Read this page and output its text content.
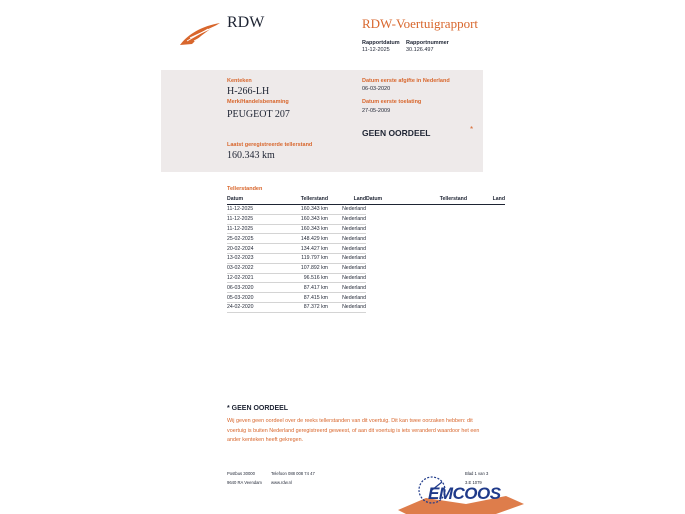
RDW	RDW-Voertuigrapport
Rapportdatum
11-12-2025
Rapportnummer
30.126.497
Kenteken
H-266-LH
Merk/Handelsbenaming
PEUGEOT 207
Laatst geregistreerde tellerstand
160.343 km
Datum eerste afgifte in Nederland
06-03-2020
Datum eerste toelating
27-05-2009
GEEN OORDEEL	*
Tellerstanden
Datum	Tellerstand	Land
11-12-2025	160.343 km	Nederland
11-12-2025	160.343 km	Nederland
11-12-2025	160.343 km	Nederland
25-02-2025	148.429 km	Nederland
20-02-2024	134.427 km	Nederland
13-02-2023	119.797 km	Nederland
03-02-2022	107.892 km	Nederland
12-02-2021	96.516 km	Nederland
06-03-2020	87.417 km	Nederland
05-03-2020	87.415 km	Nederland
24-02-2020	87.372 km	Nederland
Datum	Tellerstand	Land
* GEEN OORDEEL
Wij geven geen oordeel over de reeks tellerstanden van dit voertuig. Dit kan twee oorzaken hebben: dit voertuig is buiten Nederland geregistreerd geweest, of aan dit voertuig is iets veranderd waardoor het een ander kenteken heeft gekregen.
Postbus 30000
9640 RA Veendam
Telefoon 088 008 74 47
www.rdw.nl
Blad 1 van 3
3.E 1079
EMCOOS
